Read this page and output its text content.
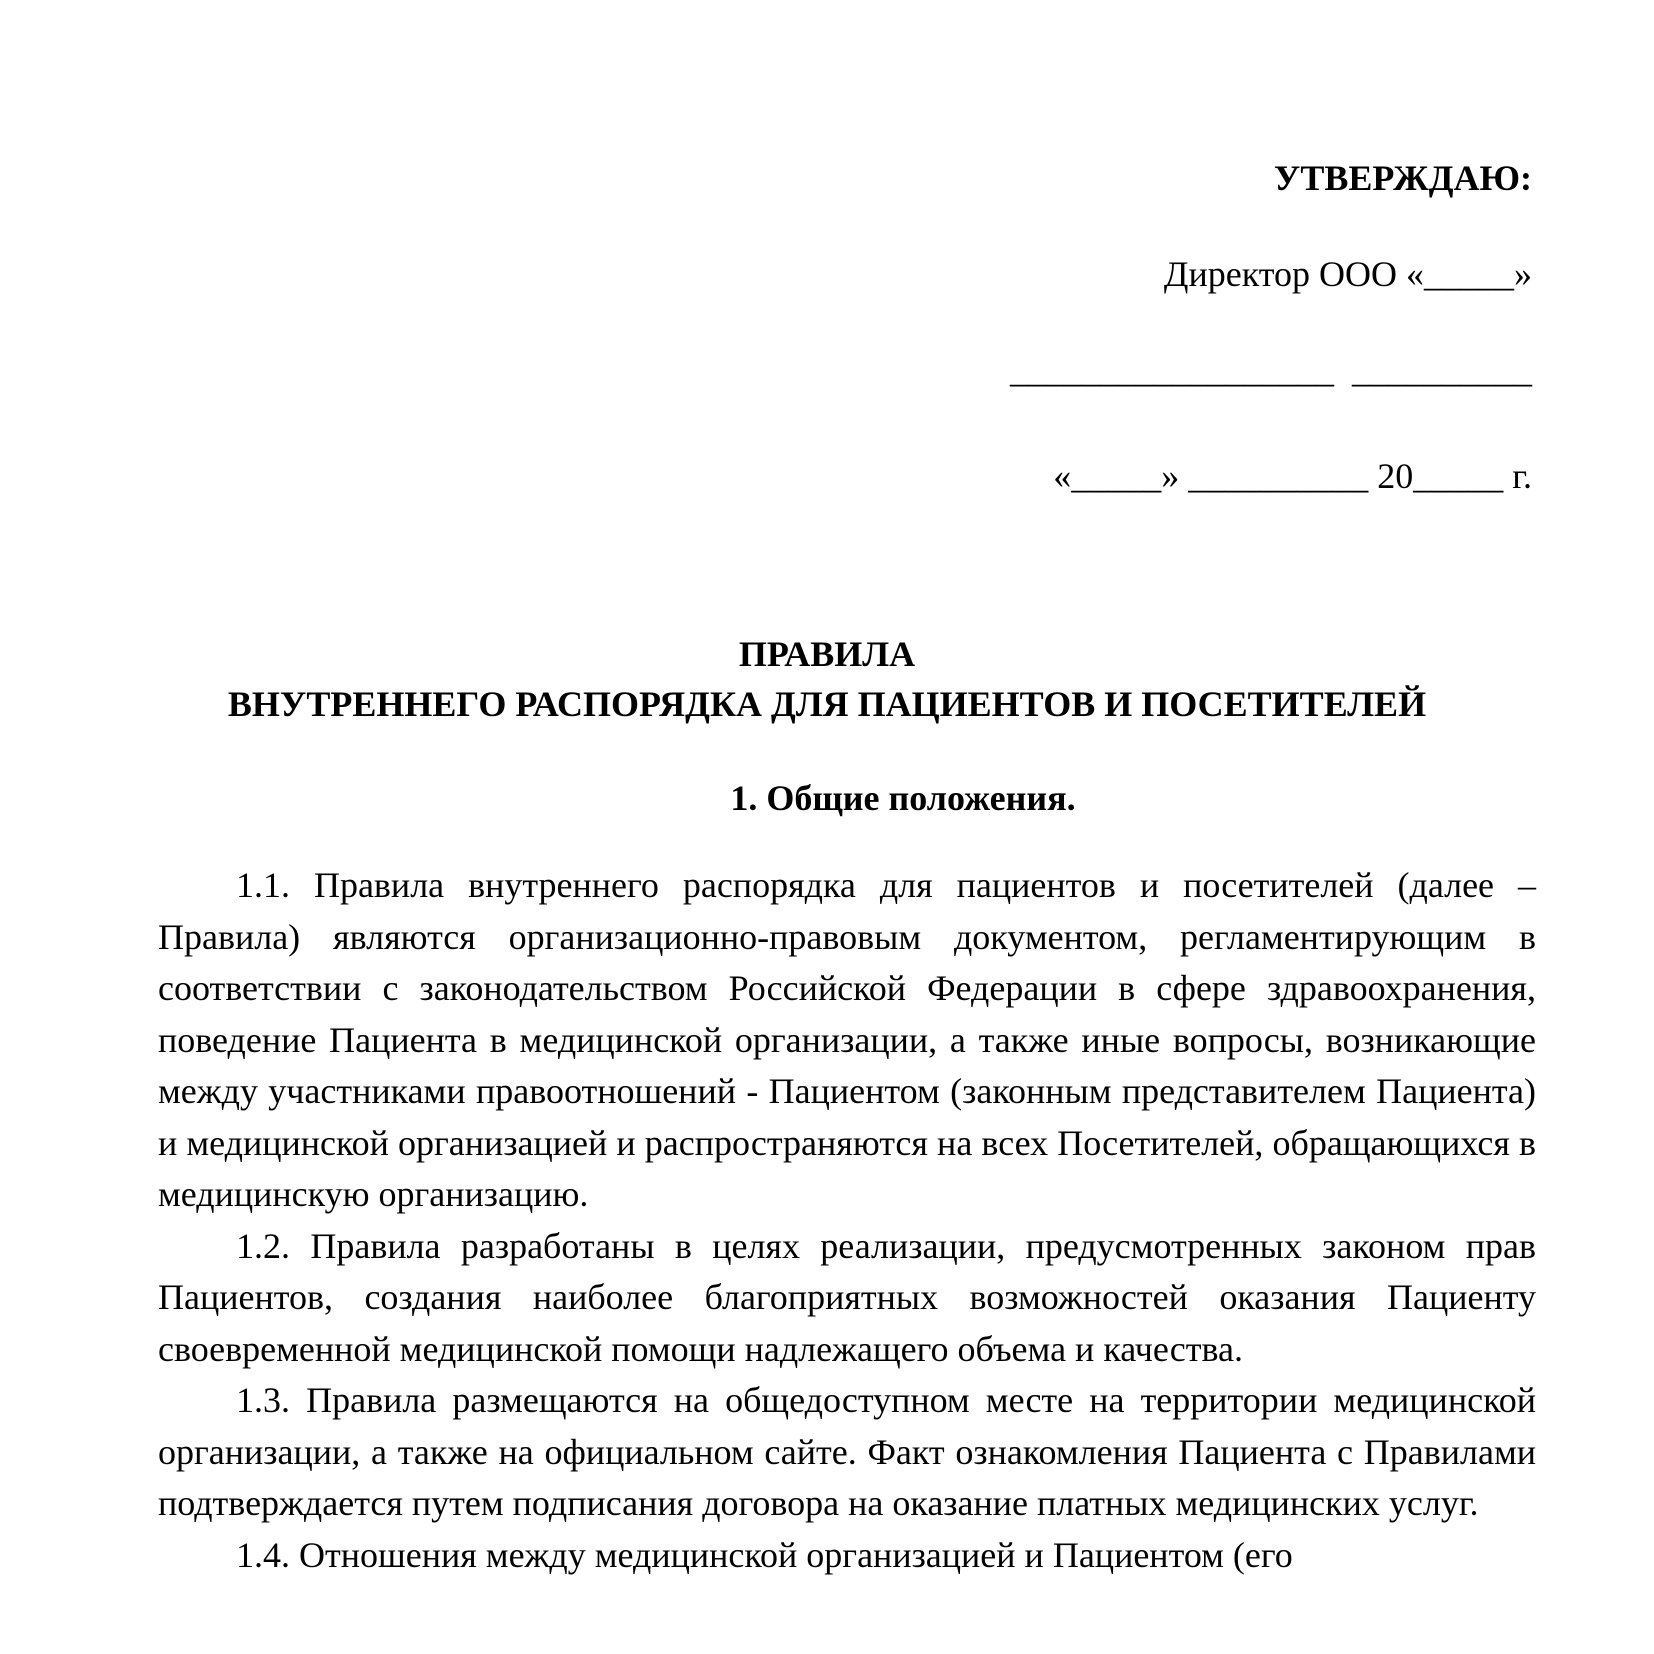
УТВЕРЖДАЮ:
Директор ООО «_____»
__________________  __________
«_____» __________ 20_____ г.
ПРАВИЛА
ВНУТРЕННЕГО РАСПОРЯДКА ДЛЯ ПАЦИЕНТОВ И ПОСЕТИТЕЛЕЙ
1. Общие положения.

1.1. Правила внутреннего распорядка для пациентов и посетителей (далее – Правила) являются организационно-правовым документом, регламентирующим в соответствии с законодательством Российской Федерации в сфере здравоохранения, поведение Пациента в медицинской организации, а также иные вопросы, возникающие между участниками правоотношений - Пациентом (законным представителем Пациента) и медицинской организацией и распространяются на всех Посетителей, обращающихся в медицинскую организацию.

1.2. Правила разработаны в целях реализации, предусмотренных законом прав Пациентов, создания наиболее благоприятных возможностей оказания Пациенту своевременной медицинской помощи надлежащего объема и качества.

1.3. Правила размещаются на общедоступном месте на территории медицинской организации, а также на официальном сайте. Факт ознакомления Пациента с Правилами подтверждается путем подписания договора на оказание платных медицинских услуг.

1.4. Отношения между медицинской организацией и Пациентом (его
